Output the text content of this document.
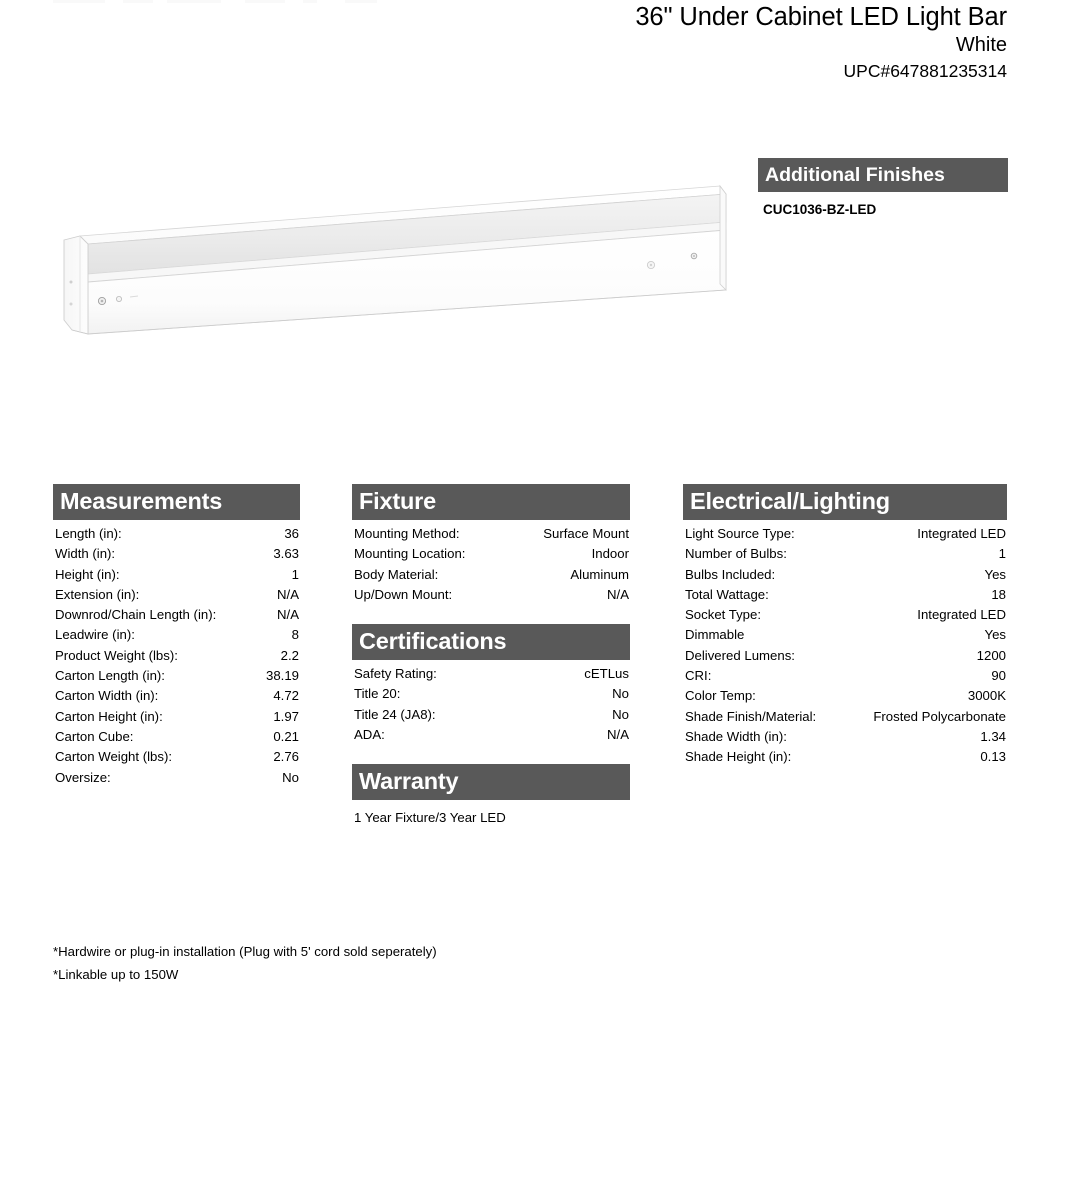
36" Under Cabinet LED Light Bar
White
UPC#647881235314
Additional Finishes
CUC1036-BZ-LED
Measurements
Length (in):	36
Width (in):	3.63
Height (in):	1
Extension (in):	N/A
Downrod/Chain Length (in):	N/A
Leadwire (in):	8
Product Weight (lbs):	2.2
Carton Length (in):	38.19
Carton Width (in):	4.72
Carton Height (in):	1.97
Carton Cube:	0.21
Carton Weight (lbs):	2.76
Oversize:	No
Fixture
Mounting Method:	Surface Mount
Mounting Location:	Indoor
Body Material:	Aluminum
Up/Down Mount:	N/A
Certifications
Safety Rating:	cETLus
Title 20:	No
Title 24 (JA8):	No
ADA:	N/A
Warranty
1 Year Fixture/3 Year LED
Electrical/Lighting
Light Source Type:	Integrated LED
Number of Bulbs:	1
Bulbs Included:	Yes
Total Wattage:	18
Socket Type:	Integrated LED
Dimmable	Yes
Delivered Lumens:	1200
CRI:	90
Color Temp:	3000K
Shade Finish/Material:	Frosted Polycarbonate
Shade Width (in):	1.34
Shade Height (in):	0.13
*Hardwire or plug-in installation (Plug with 5' cord sold seperately)
*Linkable up to 150W
